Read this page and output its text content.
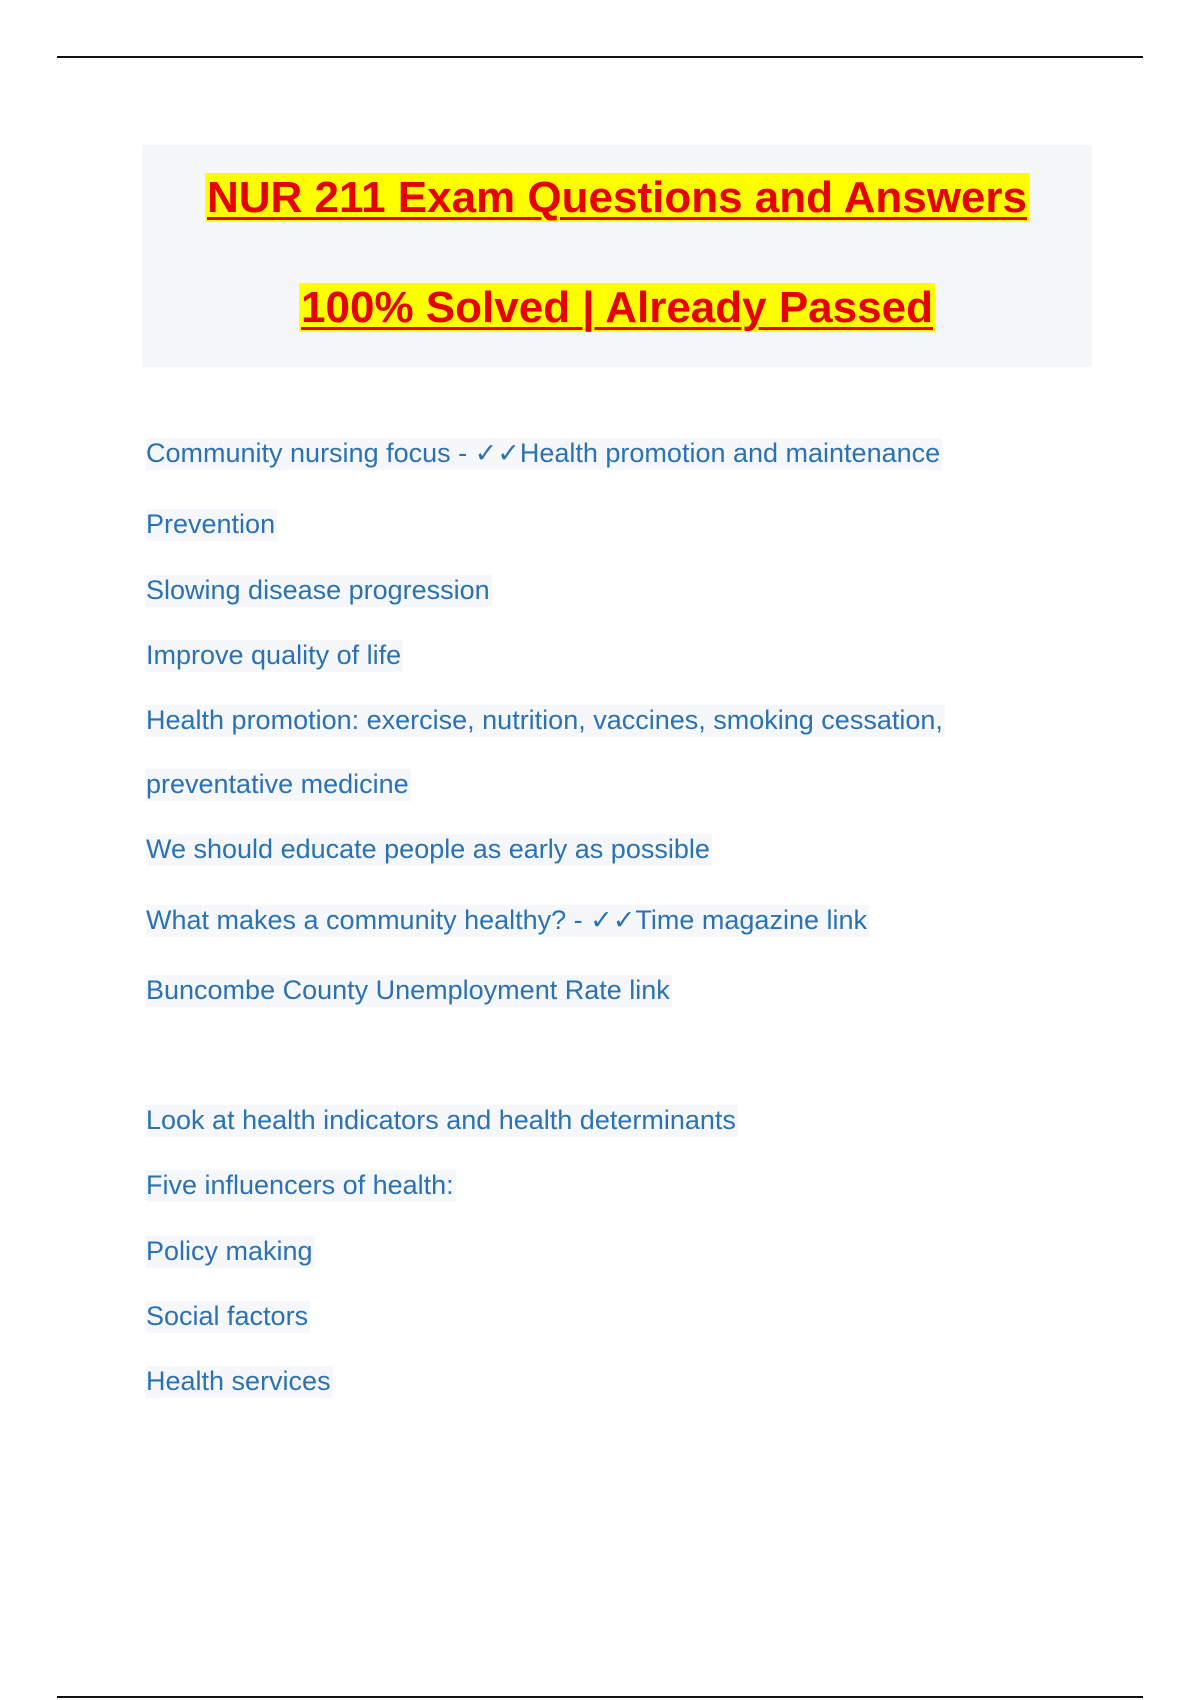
NUR 211 Exam Questions and Answers
100% Solved | Already Passed
Community nursing focus - ✓✓Health promotion and maintenance
Prevention
Slowing disease progression
Improve quality of life
Health promotion: exercise, nutrition, vaccines, smoking cessation,
preventative medicine
We should educate people as early as possible
What makes a community healthy? - ✓✓Time magazine link
Buncombe County Unemployment Rate link
Look at health indicators and health determinants
Five influencers of health:
Policy making
Social factors
Health services
